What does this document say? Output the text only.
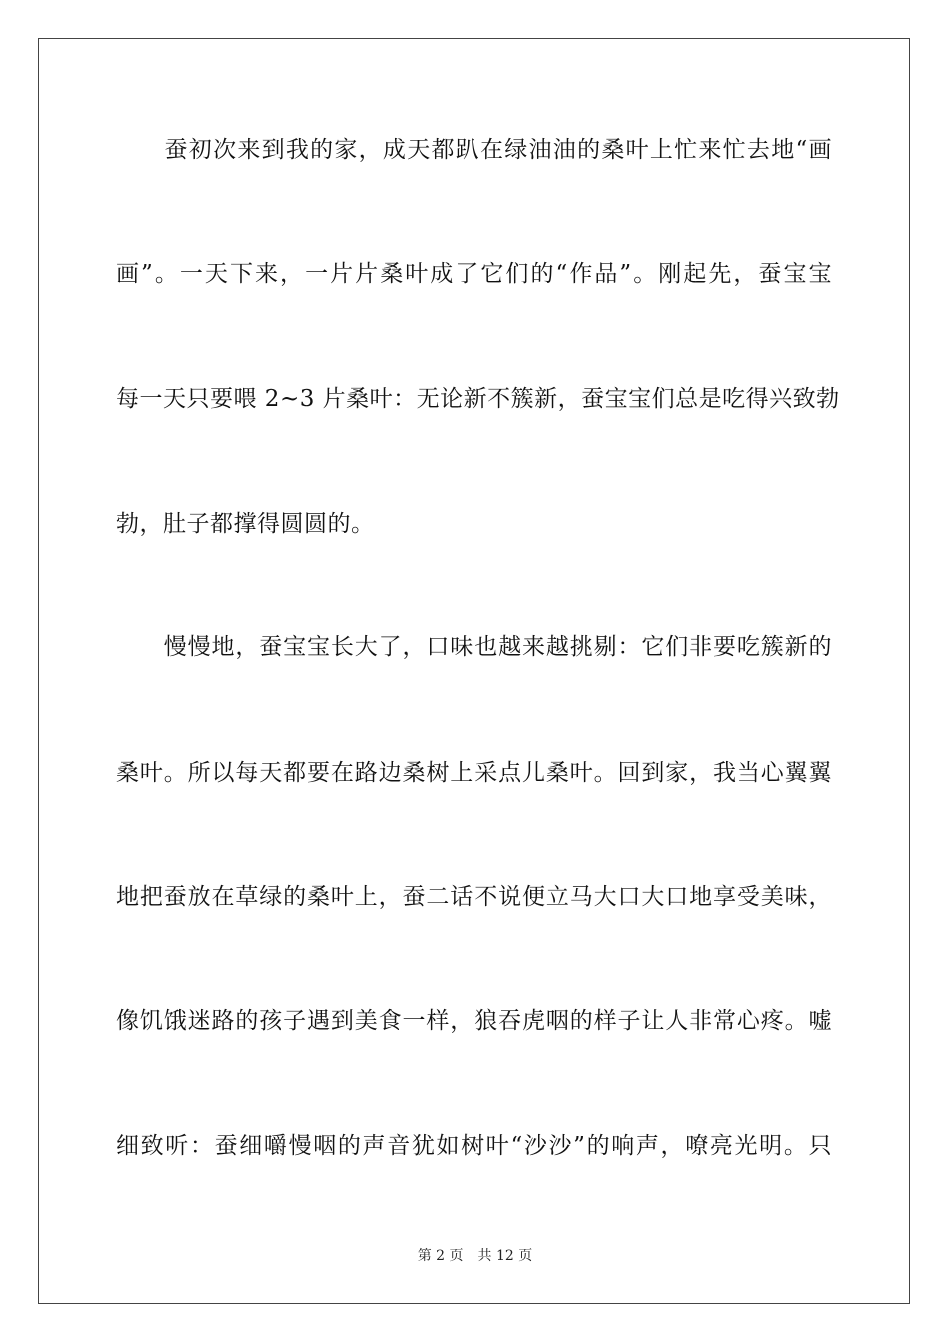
　　蚕初次来到我的家，成天都趴在绿油油的桑叶上忙来忙去地“画
画”。一天下来，一片片桑叶成了它们的“作品”。刚起先，蚕宝宝
每一天只要喂 2~3 片桑叶：无论新不簇新，蚕宝宝们总是吃得兴致勃
勃，肚子都撑得圆圆的。
　　慢慢地，蚕宝宝长大了，口味也越来越挑剔：它们非要吃簇新的
桑叶。所以每天都要在路边桑树上采点儿桑叶。回到家，我当心翼翼
地把蚕放在草绿的桑叶上，蚕二话不说便立马大口大口地享受美味，
像饥饿迷路的孩子遇到美食一样，狼吞虎咽的样子让人非常心疼。嘘
细致听：蚕细嚼慢咽的声音犹如树叶“沙沙”的响声，嘹亮光明。只
第 2 页　共 12 页
